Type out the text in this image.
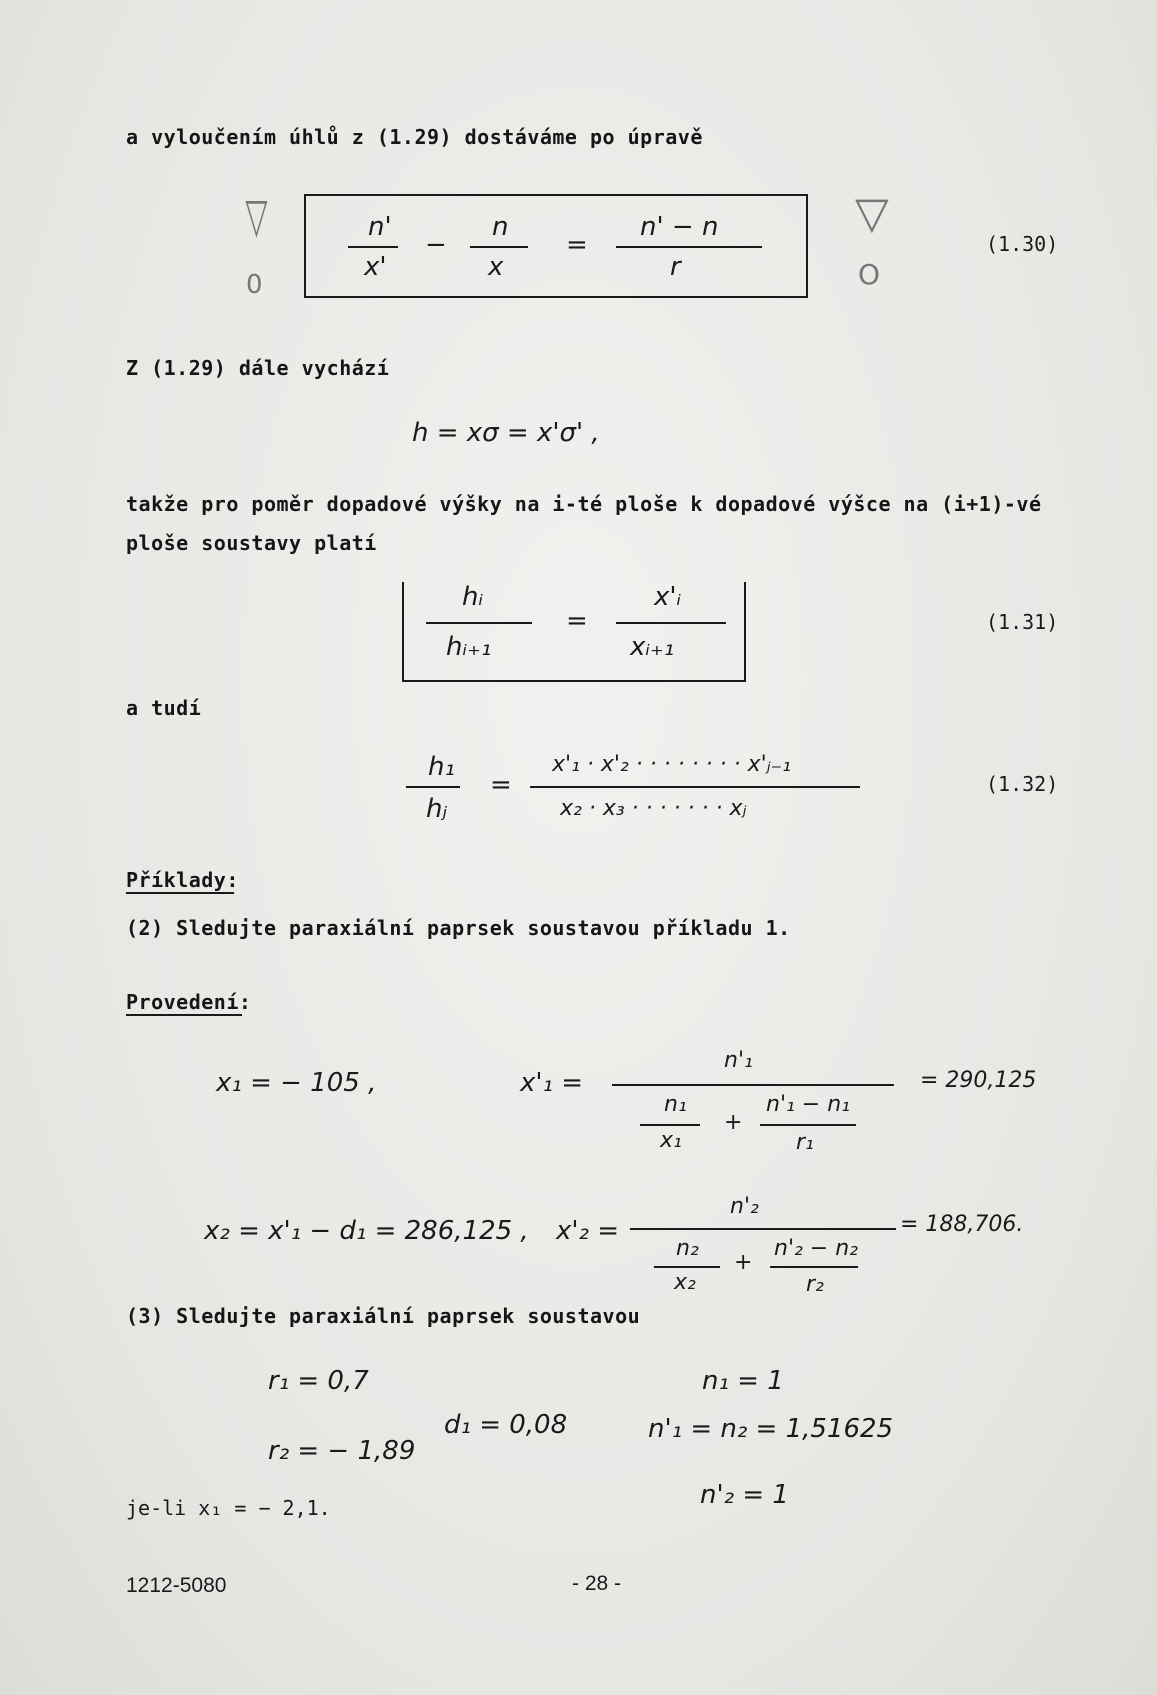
a vyloučením úhlů z (1.29) dostáváme po úpravě
▽
0
▽
O
n'
x'
−
n
x
=
n' − n
r
(1.30)
Z (1.29) dále vychází
h = xσ = x'σ' ,
takže pro poměr dopadové výšky na i-té ploše k dopadové výšce na (i+1)-vé
ploše soustavy platí
hᵢ
hᵢ₊₁
=
x'ᵢ
xᵢ₊₁
(1.31)
a tudí
h₁
hⱼ
=
x'₁ · x'₂ · · · · · · · · x'ⱼ₋₁
x₂ · x₃ · · · · · · · xⱼ
(1.32)
Příklady:
(2) Sledujte paraxiální paprsek soustavou příkladu 1.
Provedení:
x₁ = − 105 ,	x'₁ =
n'₁
= 290,125
n₁
x₁
+
n'₁ − n₁
r₁
x₂ = x'₁ − d₁ = 286,125 , x'₂ =
n'₂
= 188,706.
n₂
x₂
+
n'₂ − n₂
r₂
(3) Sledujte paraxiální paprsek soustavou
r₁ = 0,7
r₂ = − 1,89
d₁ = 0,08
n₁ = 1
n'₁ = n₂ = 1,51625
n'₂ = 1
je-li x₁ = − 2,1.
1212-5080	- 28 -
